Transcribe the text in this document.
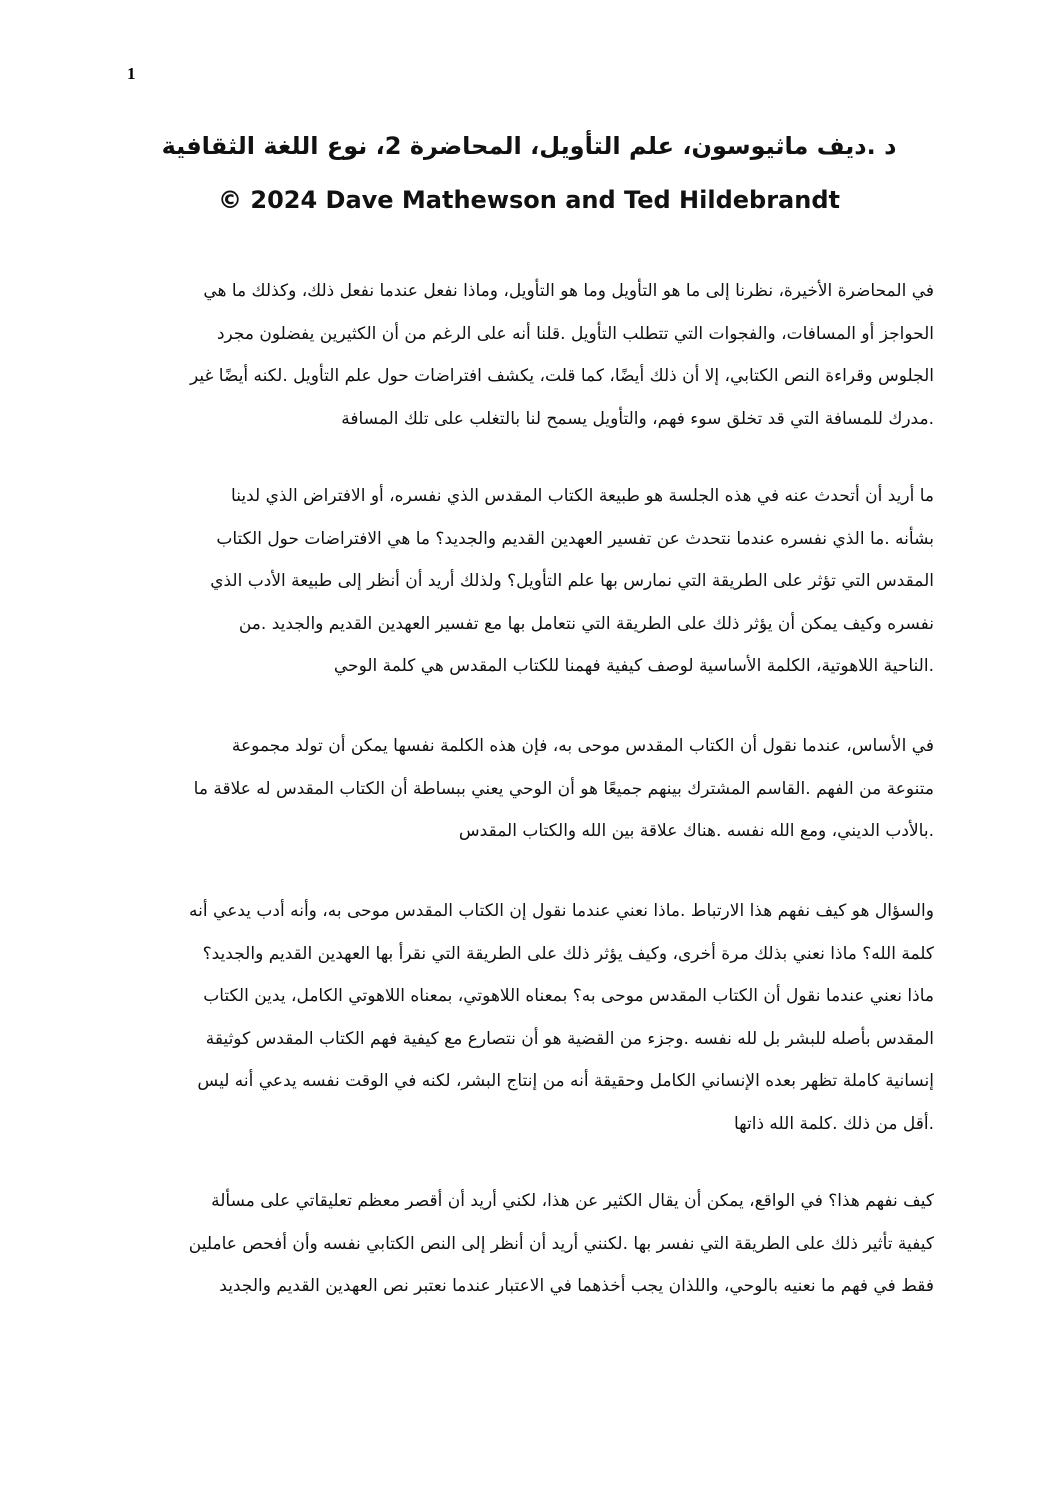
1
د .ديف ماثيوسون، علم التأويل، المحاضرة 2، نوع اللغة الثقافية
© 2024 Dave Mathewson and Ted Hildebrandt

في المحاضرة الأخيرة، نظرنا إلى ما هو التأويل وما هو التأويل، وماذا نفعل عندما نفعل ذلك، وكذلك ما هي
الحواجز أو المسافات، والفجوات التي تتطلب التأويل .قلنا أنه على الرغم من أن الكثيرين يفضلون مجرد
الجلوس وقراءة النص الكتابي، إلا أن ذلك أيضًا، كما قلت، يكشف افتراضات حول علم التأويل .لكنه أيضًا غير
.مدرك للمسافة التي قد تخلق سوء فهم، والتأويل يسمح لنا بالتغلب على تلك المسافة

ما أريد أن أتحدث عنه في هذه الجلسة هو طبيعة الكتاب المقدس الذي نفسره، أو الافتراض الذي لدينا
بشأنه .ما الذي نفسره عندما نتحدث عن تفسير العهدين القديم والجديد؟ ما هي الافتراضات حول الكتاب
المقدس التي تؤثر على الطريقة التي نمارس بها علم التأويل؟ ولذلك أريد أن أنظر إلى طبيعة الأدب الذي
نفسره وكيف يمكن أن يؤثر ذلك على الطريقة التي نتعامل بها مع تفسير العهدين القديم والجديد .من
.الناحية اللاهوتية، الكلمة الأساسية لوصف كيفية فهمنا للكتاب المقدس هي كلمة الوحي

في الأساس، عندما نقول أن الكتاب المقدس موحى به، فإن هذه الكلمة نفسها يمكن أن تولد مجموعة
متنوعة من الفهم .القاسم المشترك بينهم جميعًا هو أن الوحي يعني ببساطة أن الكتاب المقدس له علاقة ما
.بالأدب الديني، ومع الله نفسه .هناك علاقة بين الله والكتاب المقدس

والسؤال هو كيف نفهم هذا الارتباط .ماذا نعني عندما نقول إن الكتاب المقدس موحى به، وأنه أدب يدعي أنه
كلمة الله؟ ماذا نعني بذلك مرة أخرى، وكيف يؤثر ذلك على الطريقة التي نقرأ بها العهدين القديم والجديد؟
ماذا نعني عندما نقول أن الكتاب المقدس موحى به؟ بمعناه اللاهوتي، بمعناه اللاهوتي الكامل، يدين الكتاب
المقدس بأصله للبشر بل لله نفسه .وجزء من القضية هو أن نتصارع مع كيفية فهم الكتاب المقدس كوثيقة
إنسانية كاملة تظهر بعده الإنساني الكامل وحقيقة أنه من إنتاج البشر، لكنه في الوقت نفسه يدعي أنه ليس
.أقل من ذلك .كلمة الله ذاتها

كيف نفهم هذا؟ في الواقع، يمكن أن يقال الكثير عن هذا، لكني أريد أن أقصر معظم تعليقاتي على مسألة
كيفية تأثير ذلك على الطريقة التي نفسر بها .لكنني أريد أن أنظر إلى النص الكتابي نفسه وأن أفحص عاملين
فقط في فهم ما نعنيه بالوحي، واللذان يجب أخذهما في الاعتبار عندما نعتبر نص العهدين القديم والجديد
